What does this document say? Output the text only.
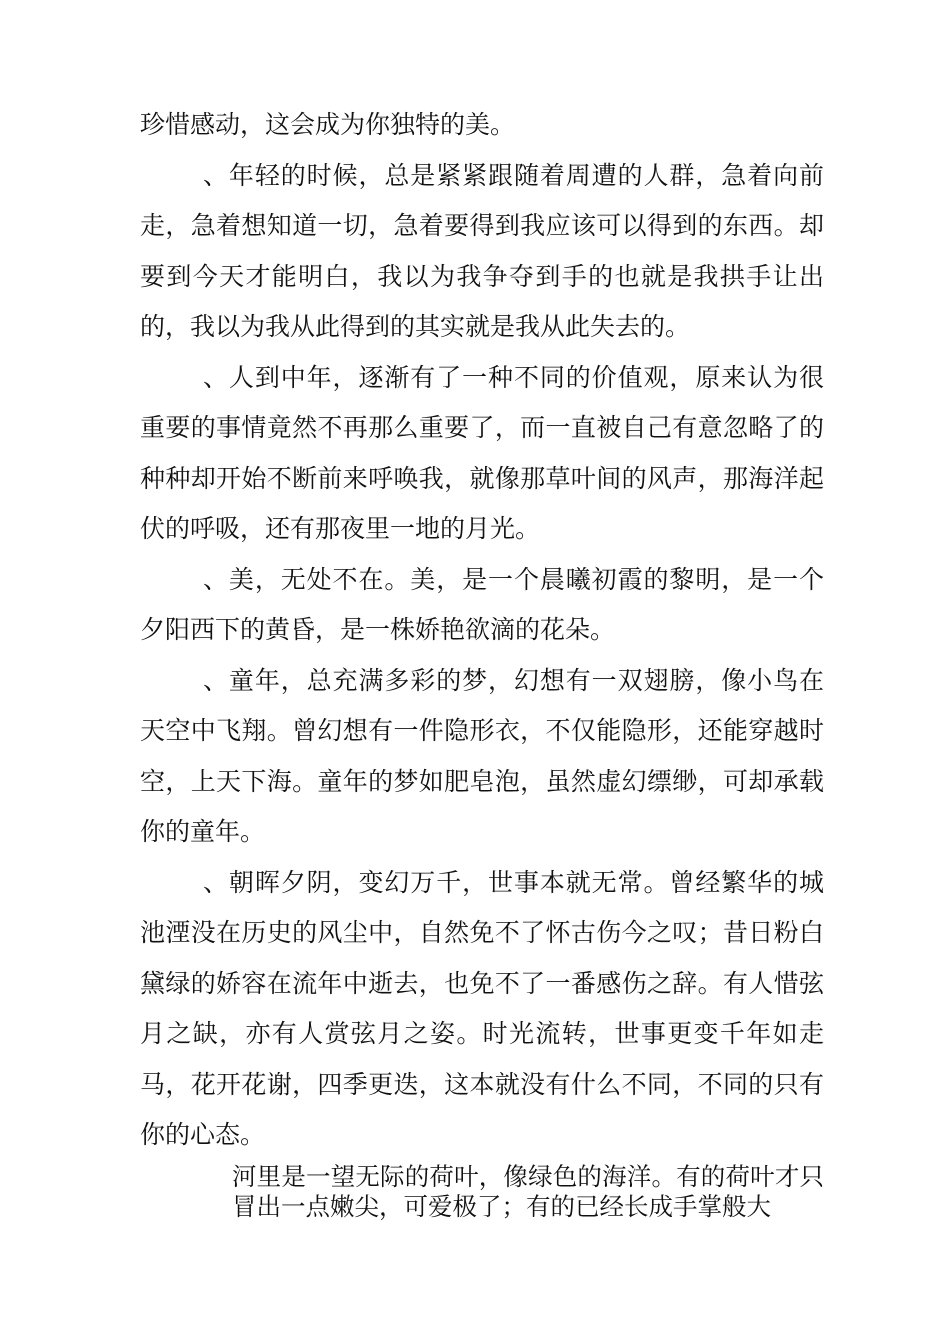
珍惜感动，这会成为你独特的美。

、年轻的时候，总是紧紧跟随着周遭的人群，急着向前走，急着想知道一切，急着要得到我应该可以得到的东西。却要到今天才能明白，我以为我争夺到手的也就是我拱手让出的，我以为我从此得到的其实就是我从此失去的。

、人到中年，逐渐有了一种不同的价值观，原来认为很重要的事情竟然不再那么重要了，而一直被自己有意忽略了的种种却开始不断前来呼唤我，就像那草叶间的风声，那海洋起伏的呼吸，还有那夜里一地的月光。

、美，无处不在。美，是一个晨曦初霞的黎明，是一个夕阳西下的黄昏，是一株娇艳欲滴的花朵。

、童年，总充满多彩的梦，幻想有一双翅膀，像小鸟在天空中飞翔。曾幻想有一件隐形衣，不仅能隐形，还能穿越时空，上天下海。童年的梦如肥皂泡，虽然虚幻缥缈，可却承载你的童年。

、朝晖夕阴，变幻万千，世事本就无常。曾经繁华的城池湮没在历史的风尘中，自然免不了怀古伤今之叹；昔日粉白黛绿的娇容在流年中逝去，也免不了一番感伤之辞。有人惜弦月之缺，亦有人赏弦月之姿。时光流转，世事更变千年如走马，花开花谢，四季更迭，这本就没有什么不同，不同的只有你的心态。

河里是一望无际的荷叶，像绿色的海洋。有的荷叶才只冒出一点嫩尖，可爱极了；有的已经长成手掌般大
